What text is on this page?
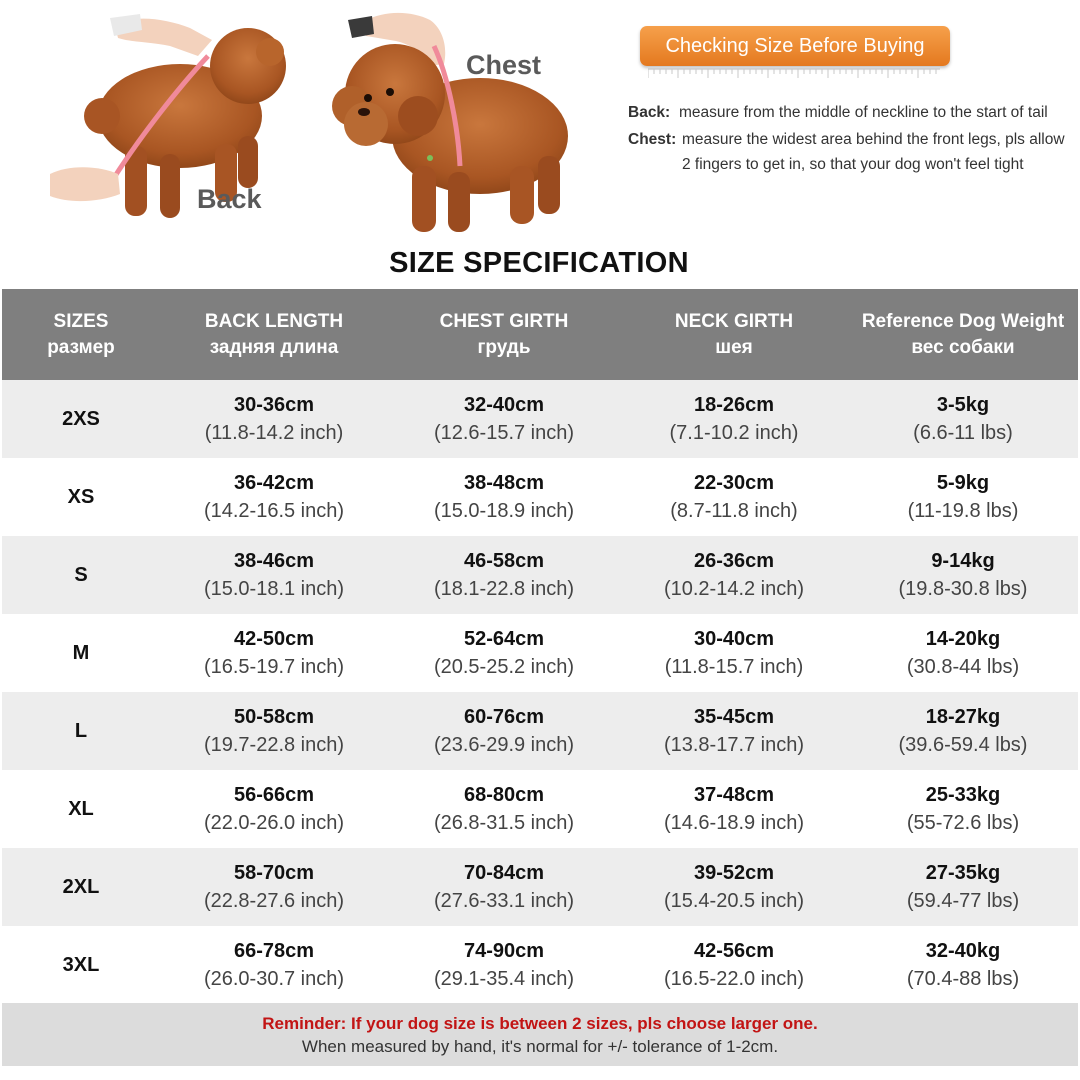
Chest
Back
Checking Size Before Buying
Back: measure from the middle of neckline to the start of tail
Chest: measure the widest area behind the front legs, pls allow 2 fingers to get in, so that your dog won't feel tight
SIZE SPECIFICATION
SIZES
размер
BACK LENGTH
задняя длина
CHEST GIRTH
грудь
NECK GIRTH
шея
Reference Dog Weight
вес собаки
2XS
30-36cm
(11.8-14.2 inch)
32-40cm
(12.6-15.7 inch)
18-26cm
(7.1-10.2 inch)
3-5kg
(6.6-11 lbs)
XS
36-42cm
(14.2-16.5 inch)
38-48cm
(15.0-18.9 inch)
22-30cm
(8.7-11.8 inch)
5-9kg
(11-19.8 lbs)
S
38-46cm
(15.0-18.1 inch)
46-58cm
(18.1-22.8 inch)
26-36cm
(10.2-14.2 inch)
9-14kg
(19.8-30.8 lbs)
M
42-50cm
(16.5-19.7 inch)
52-64cm
(20.5-25.2 inch)
30-40cm
(11.8-15.7 inch)
14-20kg
(30.8-44 lbs)
L
50-58cm
(19.7-22.8 inch)
60-76cm
(23.6-29.9 inch)
35-45cm
(13.8-17.7 inch)
18-27kg
(39.6-59.4 lbs)
XL
56-66cm
(22.0-26.0 inch)
68-80cm
(26.8-31.5 inch)
37-48cm
(14.6-18.9 inch)
25-33kg
(55-72.6 lbs)
2XL
58-70cm
(22.8-27.6 inch)
70-84cm
(27.6-33.1 inch)
39-52cm
(15.4-20.5 inch)
27-35kg
(59.4-77 lbs)
3XL
66-78cm
(26.0-30.7 inch)
74-90cm
(29.1-35.4 inch)
42-56cm
(16.5-22.0 inch)
32-40kg
(70.4-88 lbs)
Reminder: If your dog size is between 2 sizes, pls choose larger one.
When measured by hand, it's normal for +/- tolerance of 1-2cm.
